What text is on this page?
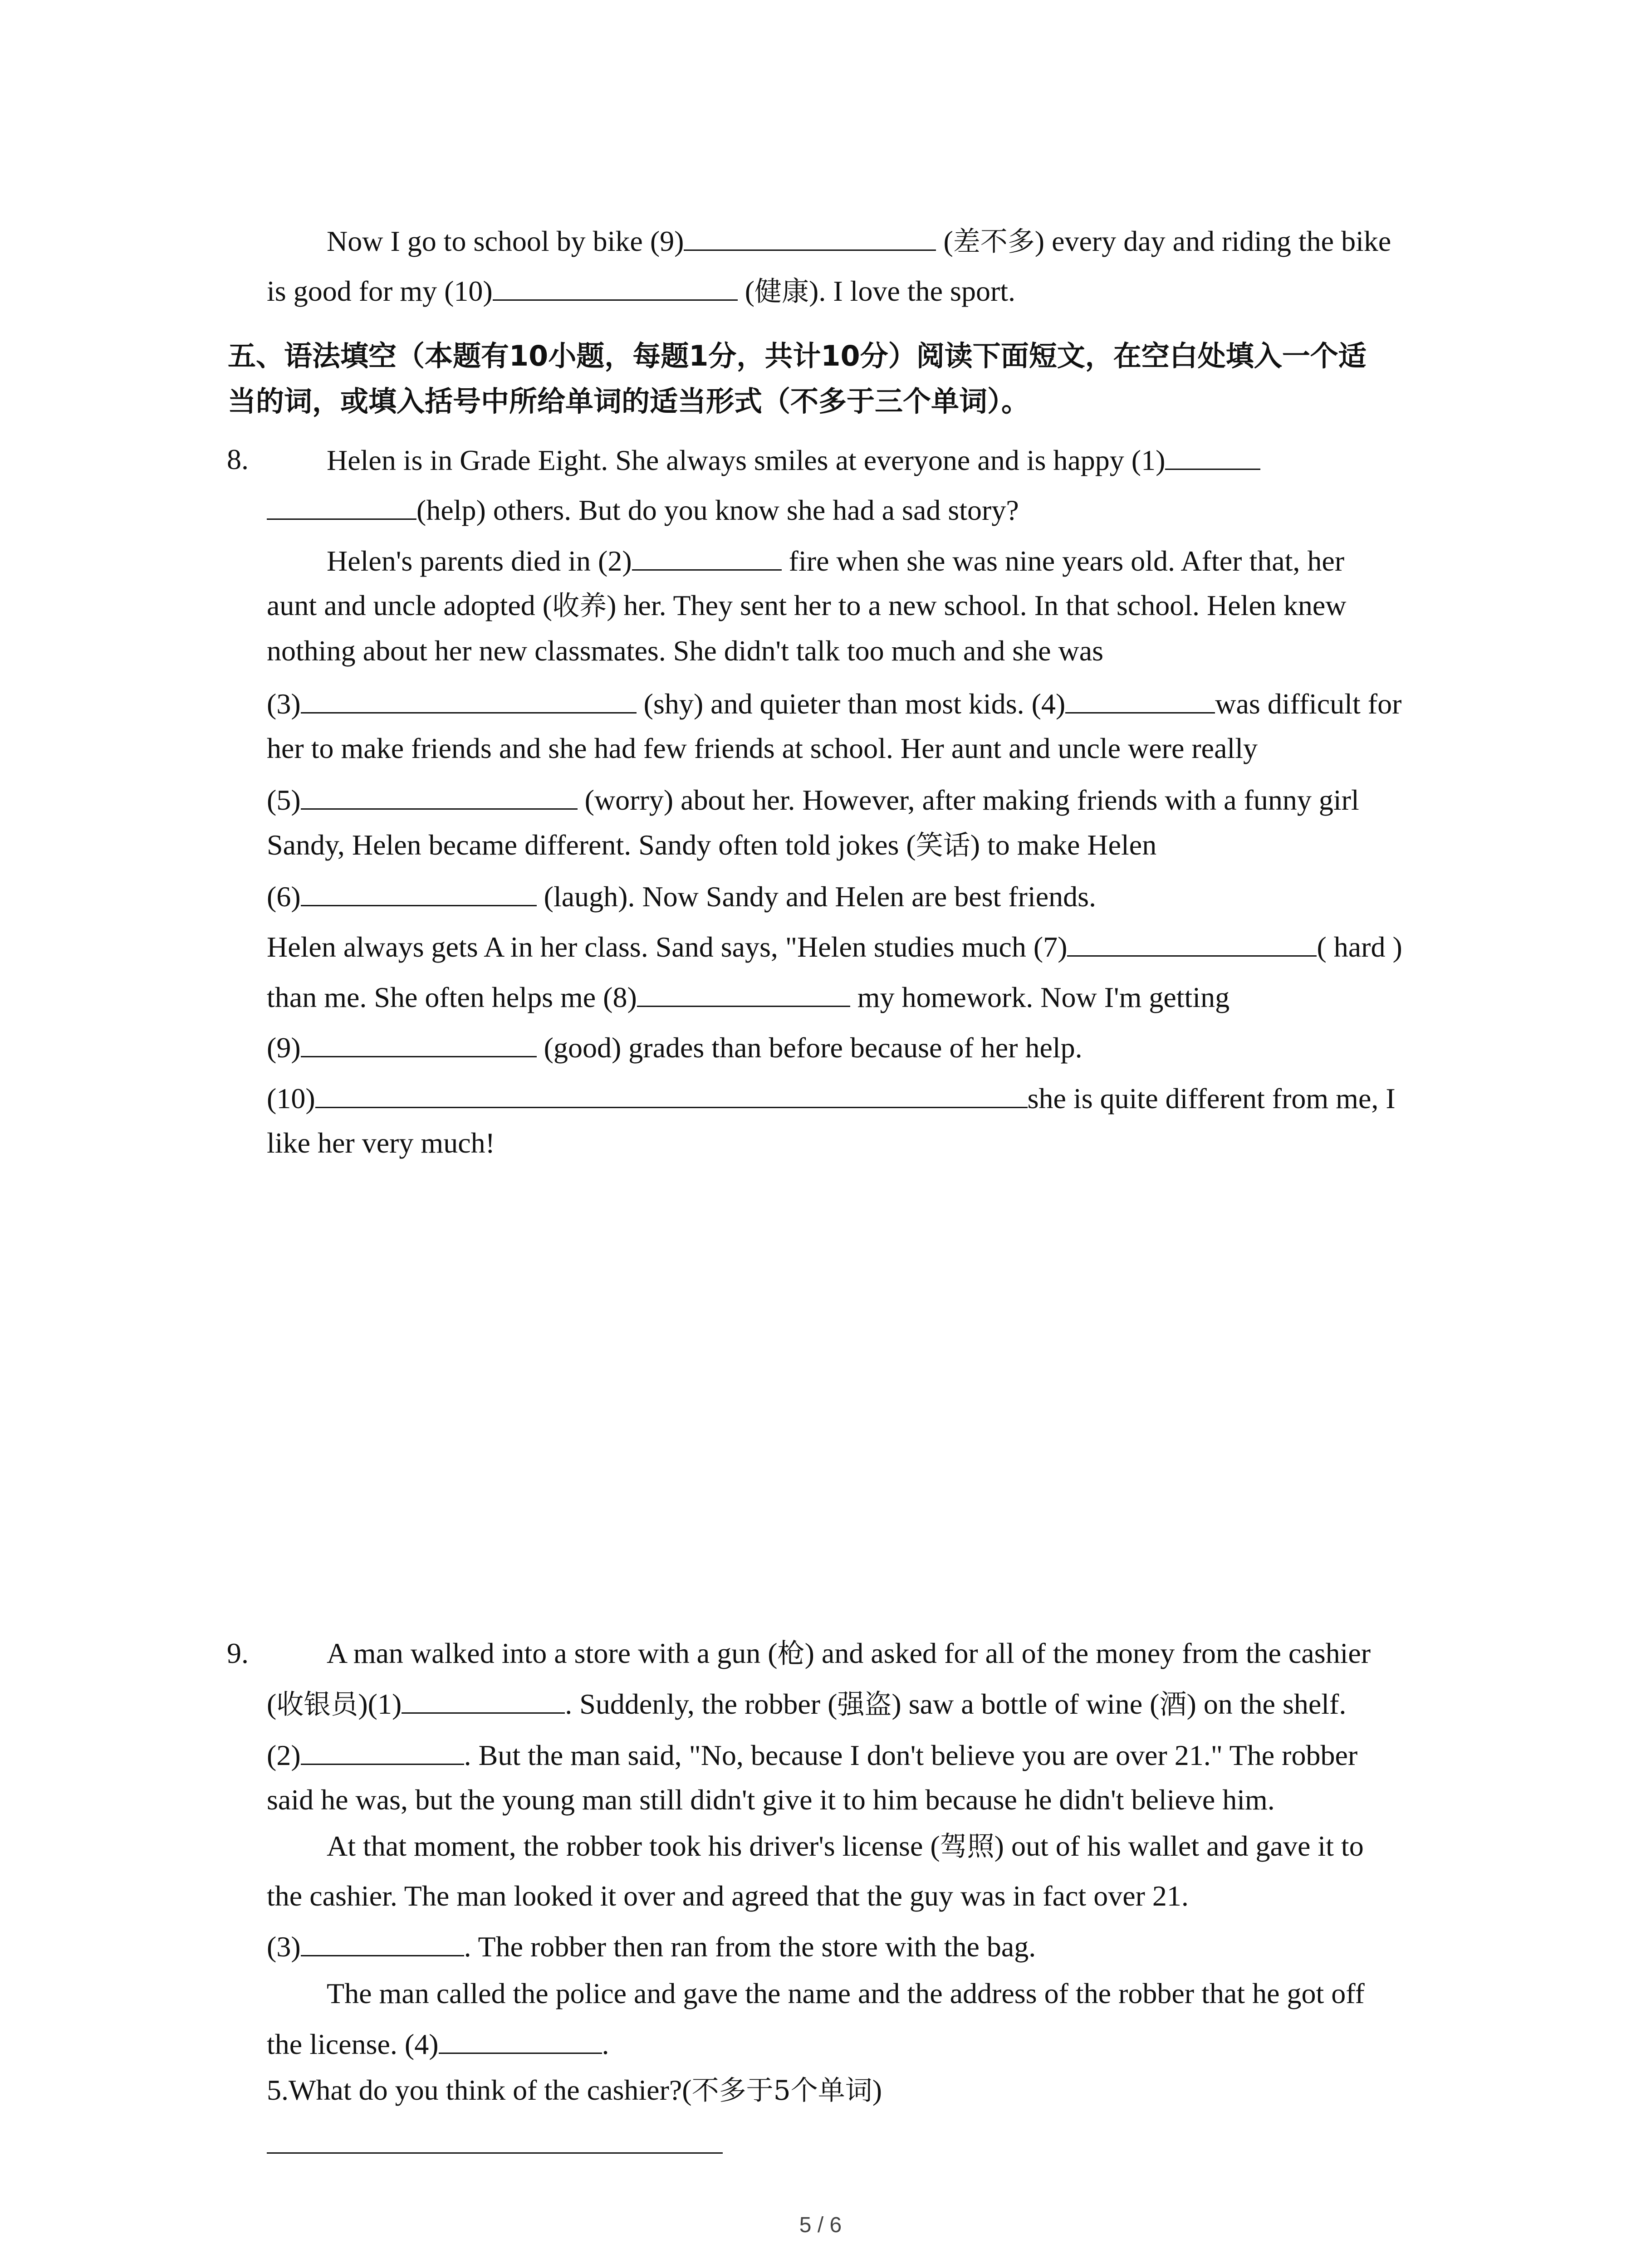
Now I go to school by bike (9)	(差不多) every day and riding the bike
is good for my (10)	(健康). I love the sport.
五、语法填空（本题有10小题，每题1分，共计10分）阅读下面短文，在空白处填入一个适
当的词，或填入括号中所给单词的适当形式（不多于三个单词）。
8.	Helen is in Grade Eight. She always smiles at everyone and is happy (1)
(help) others. But do you know she had a sad story?
Helen's parents died in (2)	fire when she was nine years old. After that, her
aunt and uncle adopted (收养) her. They sent her to a new school. In that school. Helen knew
nothing about her new classmates. She didn't talk too much and she was
(3)	(shy) and quieter than most kids. (4)	was difficult for
her to make friends and she had few friends at school. Her aunt and uncle were really
(5)	(worry) about her. However, after making friends with a funny girl
Sandy, Helen became different. Sandy often told jokes (笑话) to make Helen
(6)	(laugh). Now Sandy and Helen are best friends.
Helen always gets A in her class. Sand says, "Helen studies much (7)	( hard )
than me. She often helps me (8)	my homework. Now I'm getting
(9)	(good) grades than before because of her help.
(10)	she is quite different from me, I
like her very much!
9.	A man walked into a store with a gun (枪) and asked for all of the money from the cashier
(收银员)(1)	. Suddenly, the robber (强盗) saw a bottle of wine (酒) on the shelf.
(2)	. But the man said, "No, because I don't believe you are over 21." The robber
said he was, but the young man still didn't give it to him because he didn't believe him.
At that moment, the robber took his driver's license (驾照) out of his wallet and gave it to
the cashier. The man looked it over and agreed that the guy was in fact over 21.
(3)	. The robber then ran from the store with the bag.
The man called the police and gave the name and the address of the robber that he got off
the license. (4)	.
5.What do you think of the cashier?(不多于5个单词)
5 / 6
